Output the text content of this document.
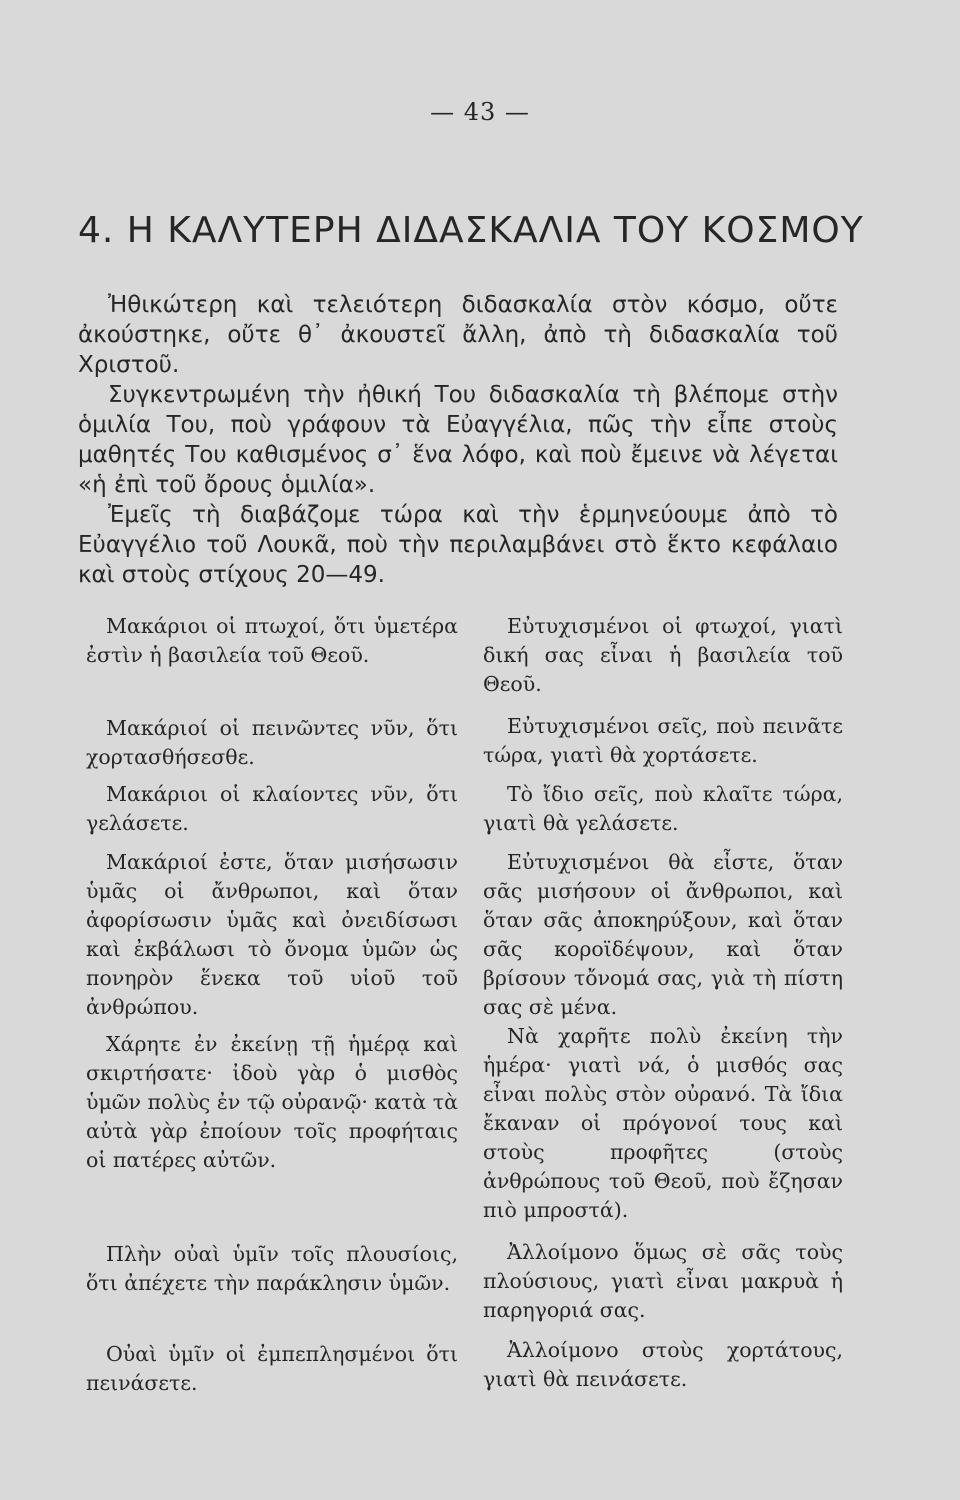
— 43 —
4. Η ΚΑΛΥΤΕΡΗ ΔΙΔΑΣΚΑΛΙΑ ΤΟΥ ΚΟΣΜΟΥ

Ἠθικώτερη καὶ τελειότερη διδασκαλία στὸν κόσμο, οὔτε ἀκούστηκε, οὔτε θ᾽ ἀκουστεῖ ἄλλη, ἀπὸ τὴ διδασκαλία τοῦ Χριστοῦ.

Συγκεντρωμένη τὴν ἠθική Του διδασκαλία τὴ βλέπομε στὴν ὁμιλία Του, ποὺ γράφουν τὰ Εὐαγγέλια, πῶς τὴν εἶπε στοὺς μαθητές Του καθισμένος σ᾽ ἕνα λόφο, καὶ ποὺ ἔμεινε νὰ λέγεται «ἡ ἐπὶ τοῦ ὄρους ὁμιλία».

Ἐμεῖς τὴ διαβάζομε τώρα καὶ τὴν ἑρμηνεύουμε ἀπὸ τὸ Εὐαγγέλιο τοῦ Λουκᾶ, ποὺ τὴν περιλαμβάνει στὸ ἕκτο κεφάλαιο καὶ στοὺς στίχους 20—49.

Μακάριοι οἱ πτωχοί, ὅτι ὑμετέρα ἐστὶν ἡ βασιλεία τοῦ Θεοῦ.

Μακάριοί οἱ πεινῶντες νῦν, ὅτι χορτασθήσεσθε.

Μακάριοι οἱ κλαίοντες νῦν, ὅτι γελάσετε.

Μακάριοί ἐστε, ὅταν μισήσωσιν ὑμᾶς οἱ ἄνθρωποι, καὶ ὅταν ἀφορίσωσιν ὑμᾶς καὶ ὀνειδίσωσι καὶ ἐκβάλωσι τὸ ὄνομα ὑμῶν ὡς πονηρὸν ἕνεκα τοῦ υἱοῦ τοῦ ἀνθρώπου.

Χάρητε ἐν ἐκείνῃ τῇ ἡμέρᾳ καὶ σκιρτήσατε· ἰδοὺ γὰρ ὁ μισθὸς ὑμῶν πολὺς ἐν τῷ οὐρανῷ· κατὰ τὰ αὐτὰ γὰρ ἐποίουν τοῖς προφήταις οἱ πατέρες αὐτῶν.

Πλὴν οὐαὶ ὑμῖν τοῖς πλουσίοις, ὅτι ἀπέχετε τὴν παράκλησιν ὑμῶν.

Οὐαὶ ὑμῖν οἱ ἐμπεπλησμένοι ὅτι πεινάσετε.

Εὐτυχισμένοι οἱ φτωχοί, γιατὶ δική σας εἶναι ἡ βασιλεία τοῦ Θεοῦ.

Εὐτυχισμένοι σεῖς, ποὺ πεινᾶτε τώρα, γιατὶ θὰ χορτάσετε.

Τὸ ἴδιο σεῖς, ποὺ κλαῖτε τώρα, γιατὶ θὰ γελάσετε.

Εὐτυχισμένοι θὰ εἶστε, ὅταν σᾶς μισήσουν οἱ ἄνθρωποι, καὶ ὅταν σᾶς ἀποκηρύξουν, καὶ ὅταν σᾶς κοροϊδέψουν, καὶ ὅταν βρίσουν τὄνομά σας, γιὰ τὴ πίστη σας σὲ μένα.

Νὰ χαρῆτε πολὺ ἐκείνη τὴν ἡμέρα· γιατὶ νά, ὁ μισθός σας εἶναι πολὺς στὸν οὐρανό. Τὰ ἴδια ἔκαναν οἱ πρόγονοί τους καὶ στοὺς προφῆτες (στοὺς ἀνθρώπους τοῦ Θεοῦ, ποὺ ἔζησαν πιὸ μπροστά).

Ἀλλοίμονο ὅμως σὲ σᾶς τοὺς πλούσιους, γιατὶ εἶναι μακρυὰ ἡ παρηγοριά σας.

Ἀλλοίμονο στοὺς χορτάτους, γιατὶ θὰ πεινάσετε.
